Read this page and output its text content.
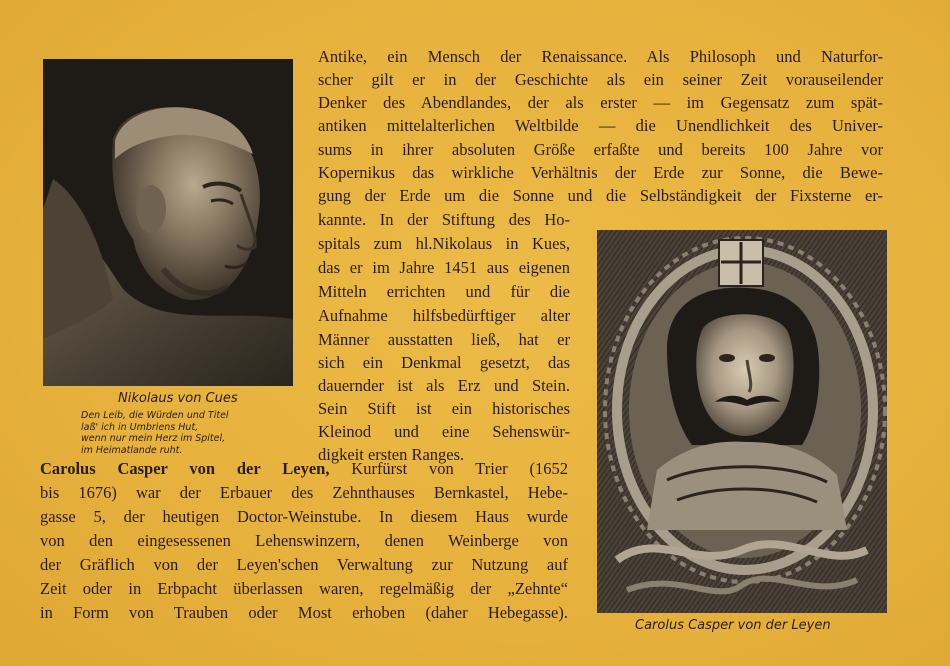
Nikolaus von Cues
Den Leib, die Würden und Titel
laß' ich in Umbriens Hut,
wenn nur mein Herz im Spitel,
im Heimatlande ruht.
Antike, ein Mensch der Renaissance. Als Philosoph und Naturfor-
scher gilt er in der Geschichte als ein seiner Zeit vorauseilender
Denker des Abendlandes, der als erster — im Gegensatz zum spät-
antiken mittelalterlichen Weltbilde — die Unendlichkeit des Univer-
sums in ihrer absoluten Größe erfaßte und bereits 100 Jahre vor
Kopernikus das wirkliche Verhältnis der Erde zur Sonne, die Bewe-
gung der Erde um die Sonne und die Selbständigkeit der Fixsterne er-
kannte. In der Stiftung des Ho-
spitals zum hl.Nikolaus in Kues,
das er im Jahre 1451 aus eigenen
Mitteln errichten und für die
Aufnahme hilfsbedürftiger alter
Männer ausstatten ließ, hat er
sich ein Denkmal gesetzt, das
dauernder ist als Erz und Stein.
Sein Stift ist ein historisches
Kleinod und eine Sehenswür-
digkeit ersten Ranges.
Carolus Casper von der Leyen, Kurfürst von Trier (1652
bis 1676) war der Erbauer des Zehnthauses Bernkastel, Hebe-
gasse 5, der heutigen Doctor-Weinstube. In diesem Haus wurde
von den eingesessenen Lehenswinzern, denen Weinberge von
der Gräflich von der Leyen'schen Verwaltung zur Nutzung auf
Zeit oder in Erbpacht überlassen waren, regelmäßig der „Zehnte“
in Form von Trauben oder Most erhoben (daher Hebegasse).
Carolus Casper von der Leyen
